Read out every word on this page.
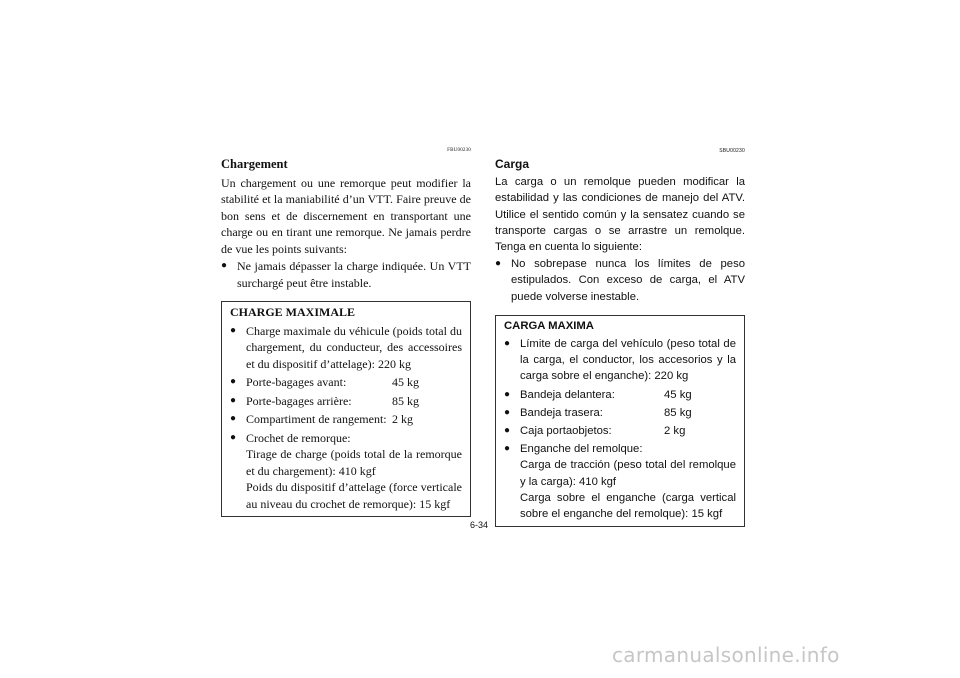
FBU00230
Chargement

Un chargement ou une remorque peut modifier la stabilité et la maniabilité d’un VTT. Faire preuve de bon sens et de discernement en transportant une charge ou en tirant une remorque. Ne jamais perdre de vue les points suivants:

● Ne jamais dépasser la charge indiquée. Un VTT surchargé peut être instable.
CHARGE MAXIMALE
● Charge maximale du véhicule (poids total du chargement, du conducteur, des accessoires et du dispositif d’attelage): 220 kg
● Porte-bagages avant:	45 kg
● Porte-bagages arrière:	85 kg
● Compartiment de rangement: 2 kg
● Crochet de remorque:
Tirage de charge (poids total de la remorque et du chargement): 410 kgf
Poids du dispositif d’attelage (force verticale au niveau du crochet de remorque): 15 kgf
SBU00230
Carga

La carga o un remolque pueden modificar la estabilidad y las condiciones de manejo del ATV. Utilice el sentido común y la sensatez cuando se transporte cargas o se arrastre un remolque. Tenga en cuenta lo siguiente:

● No sobrepase nunca los límites de peso estipulados. Con exceso de carga, el ATV puede volverse inestable.
CARGA MAXIMA
● Límite de carga del vehículo (peso total de la carga, el conductor, los accesorios y la carga sobre el enganche): 220 kg
● Bandeja delantera:	45 kg
● Bandeja trasera:	85 kg
● Caja portaobjetos:	2 kg
● Enganche del remolque:
Carga de tracción (peso total del remolque y la carga): 410 kgf
Carga sobre el enganche (carga vertical sobre el enganche del remolque): 15 kgf
6-34
carmanualsonline.info
